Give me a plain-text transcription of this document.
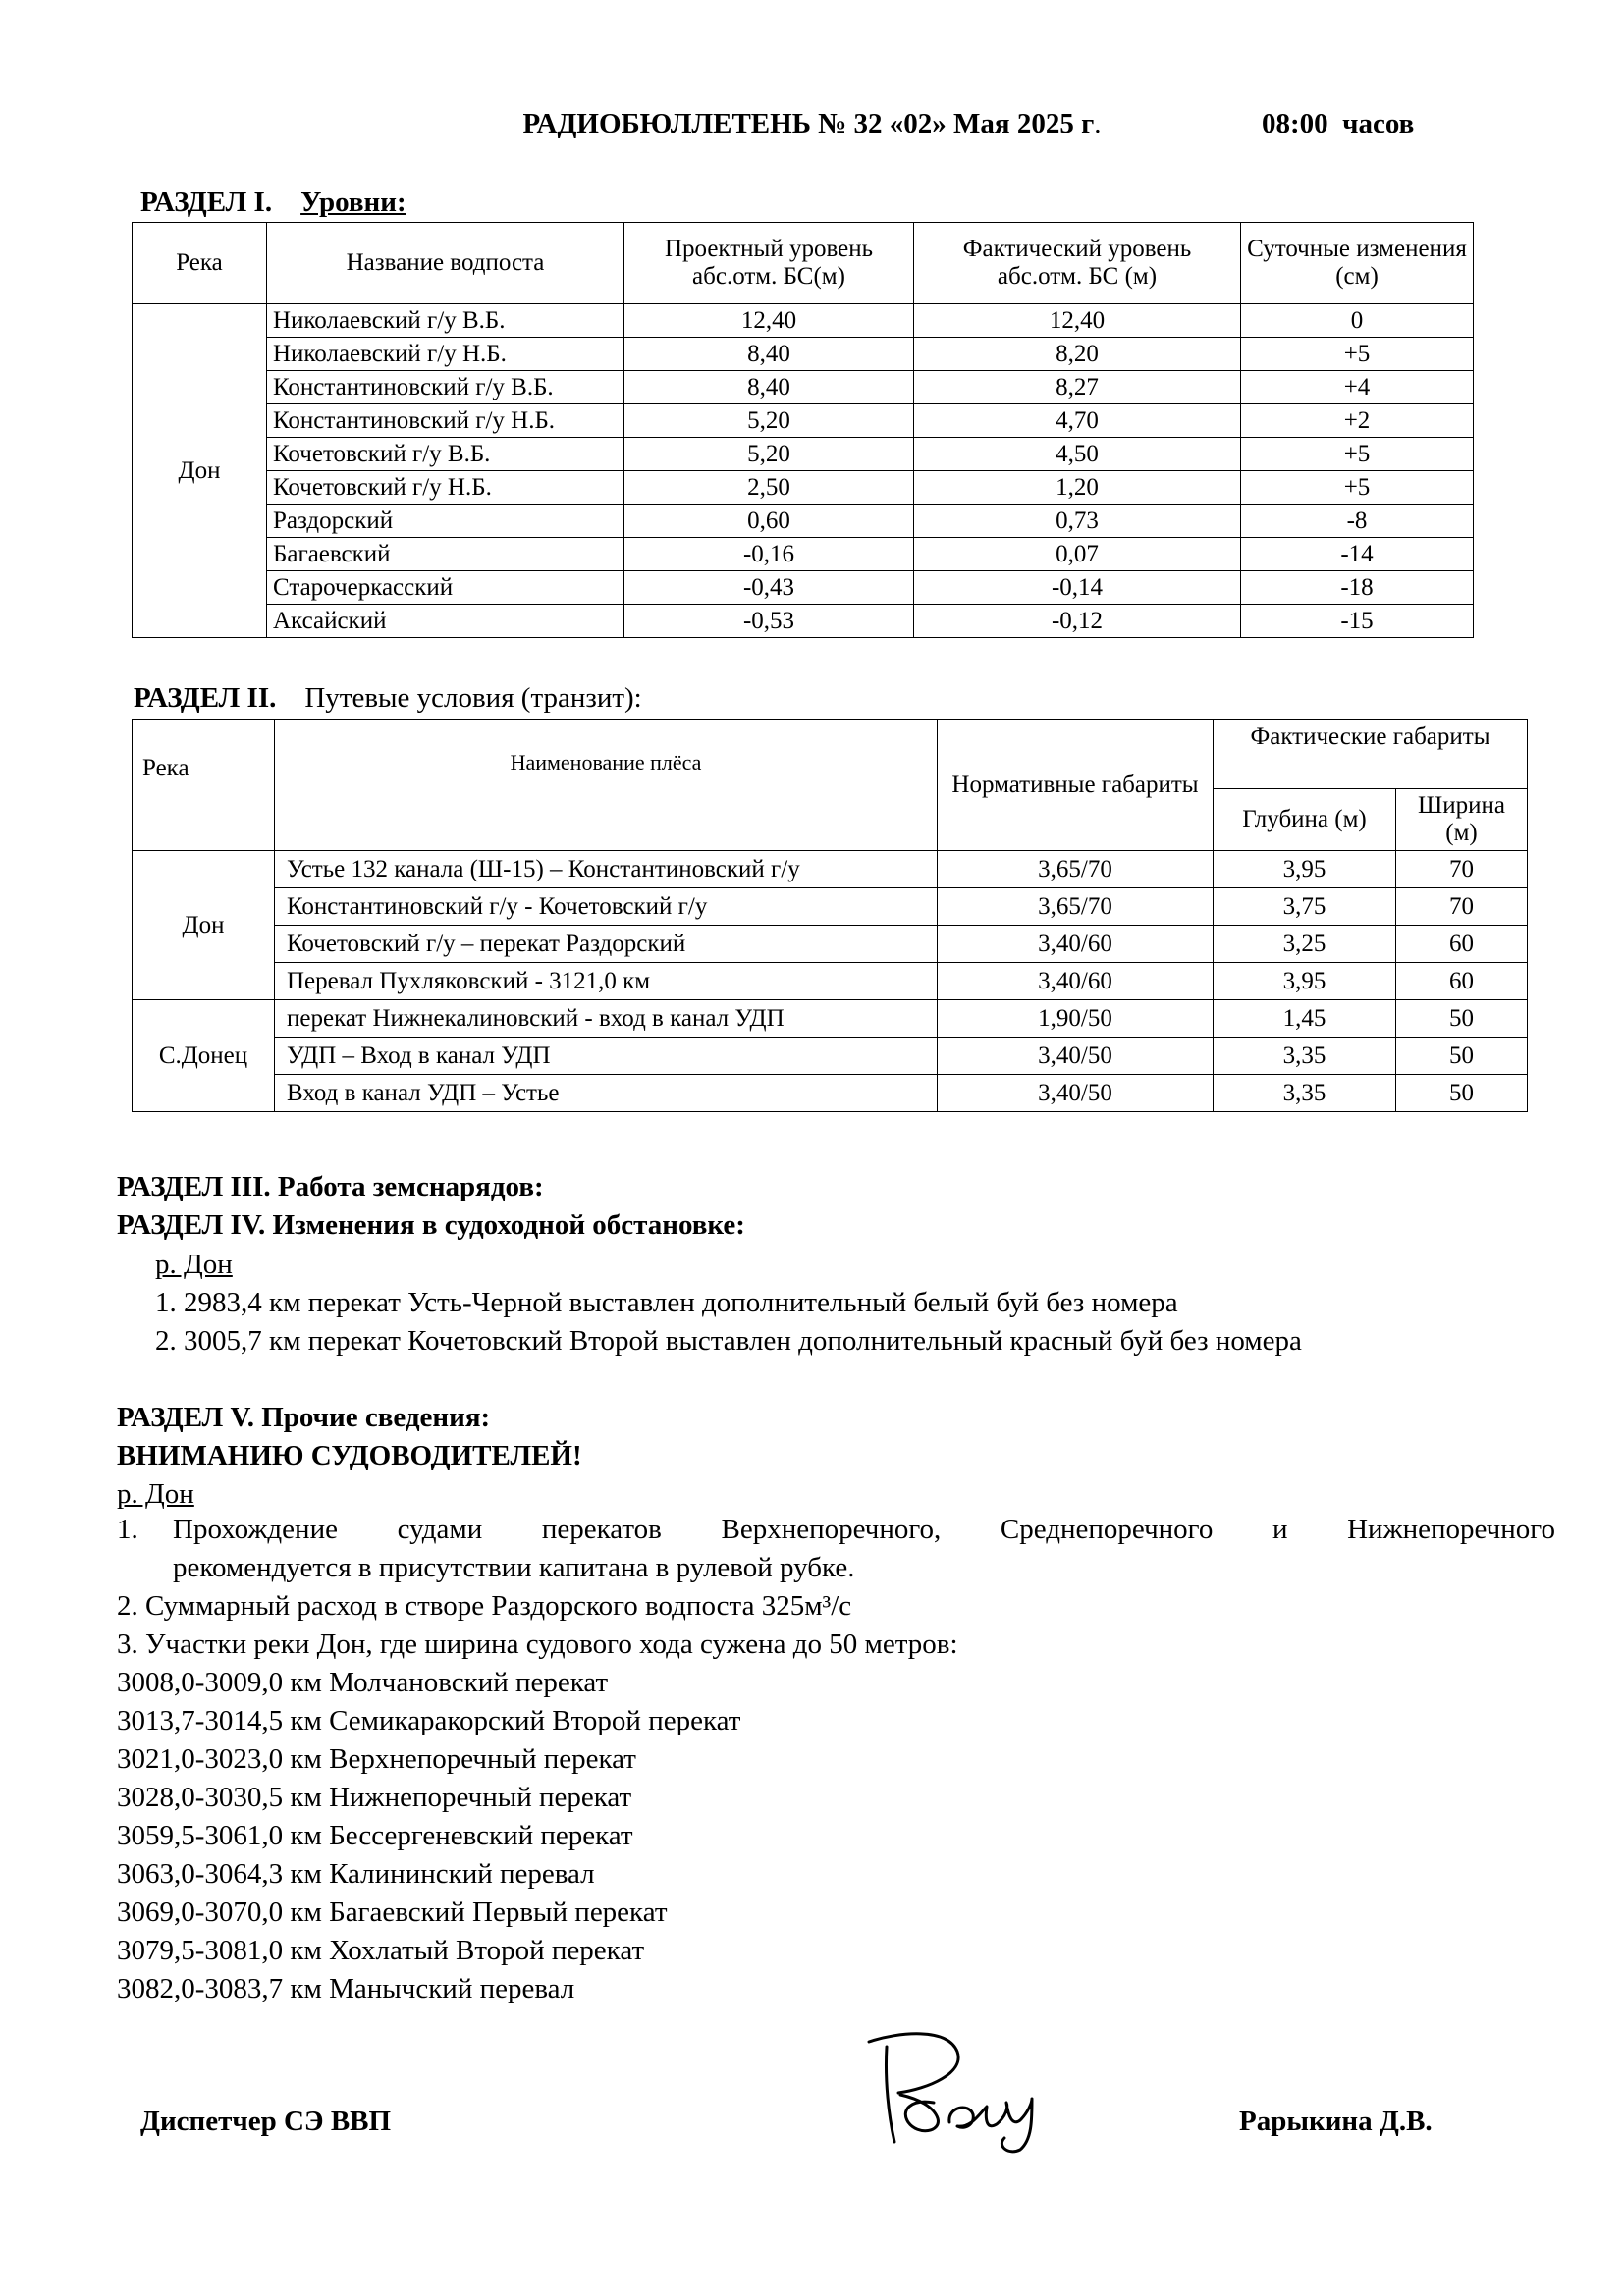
РАДИОБЮЛЛЕТЕНЬ № 32 «02» Мая 2025 г.	08:00  часов
РАЗДЕЛ I. Уровни:
Река	Название водпоста	Проектный уровень абс.отм. БС(м)	Фактический уровень абс.отм. БС (м)	Суточные изменения (см)
Дон	Николаевский г/у В.Б.	12,40	12,40	0
	Николаевский г/у Н.Б.	8,40	8,20	+5
	Константиновский г/у В.Б.	8,40	8,27	+4
	Константиновский г/у Н.Б.	5,20	4,70	+2
	Кочетовский г/у В.Б.	5,20	4,50	+5
	Кочетовский г/у Н.Б.	2,50	1,20	+5
	Раздорский	0,60	0,73	-8
	Багаевский	-0,16	0,07	-14
	Старочеркасский	-0,43	-0,14	-18
	Аксайский	-0,53	-0,12	-15
РАЗДЕЛ II. Путевые условия (транзит):
Река	Наименование плёса	Нормативные габариты	Фактические габариты	
			Глубина (м)	Ширина (м)
Дон	Устье 132 канала (Ш-15) – Константиновский г/у	3,65/70	3,95	70
	Константиновский г/у - Кочетовский г/у	3,65/70	3,75	70
	Кочетовский г/у – перекат Раздорский	3,40/60	3,25	60
	Перевал Пухляковский - 3121,0 км	3,40/60	3,95	60
С.Донец	перекат Нижнекалиновский - вход в канал УДП	1,90/50	1,45	50
	УДП – Вход в канал УДП	3,40/50	3,35	50
	Вход в канал УДП – Устье	3,40/50	3,35	50
РАЗДЕЛ III. Работа земснарядов:
РАЗДЕЛ IV. Изменения в судоходной обстановке:
р. Дон
1. 2983,4 км перекат Усть-Черной выставлен дополнительный белый буй без номера
2. 3005,7 км перекат Кочетовский Второй выставлен дополнительный красный буй без номера
РАЗДЕЛ V. Прочие сведения:
ВНИМАНИЮ СУДОВОДИТЕЛЕЙ!
р. Дон
1. Прохождение судами перекатов Верхнепоречного, Среднепоречного и Нижнепоречного
рекомендуется в присутствии капитана в рулевой рубке.
2. Суммарный расход в створе Раздорского водпоста 325м³/с
3. Участки реки Дон, где ширина судового хода сужена до 50 метров:
3008,0-3009,0 км Молчановский перекат
3013,7-3014,5 км Семикаракорский Второй перекат
3021,0-3023,0 км Верхнепоречный перекат
3028,0-3030,5 км Нижнепоречный перекат
3059,5-3061,0 км Бессергеневский перекат
3063,0-3064,3 км Калининский перевал
3069,0-3070,0 км Багаевский Первый перекат
3079,5-3081,0 км Хохлатый Второй перекат
3082,0-3083,7 км Манычский перевал
Диспетчер СЭ ВВП	Рарыкина Д.В.
